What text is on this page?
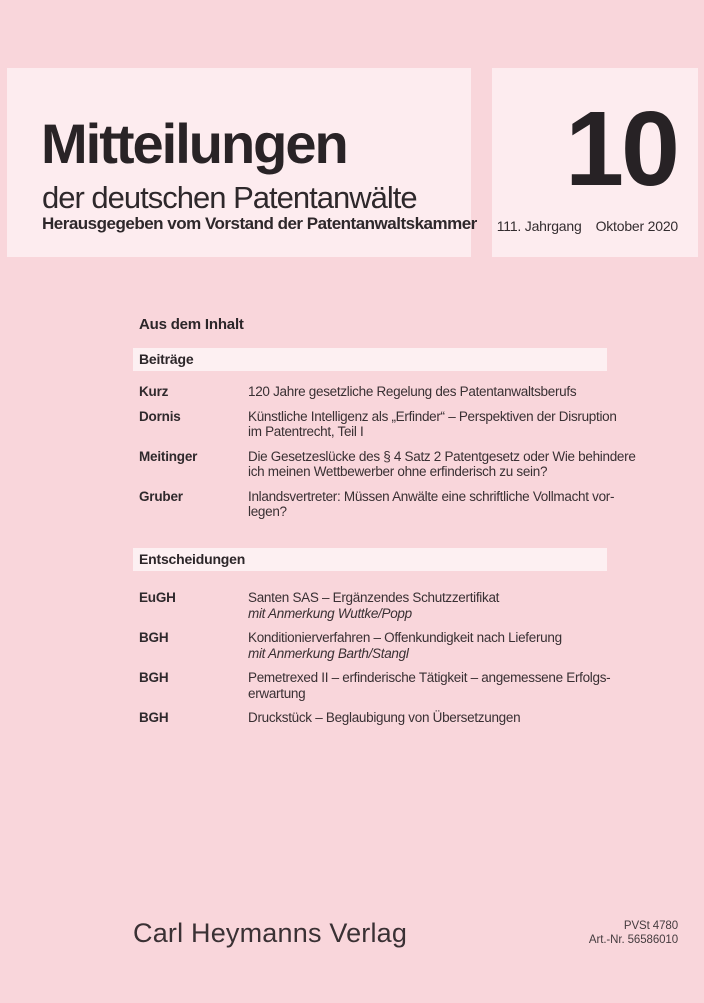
Mitteilungen
der deutschen Patentanwälte
Herausgegeben vom Vorstand der Patentanwaltskammer
10
111. Jahrgang Oktober 2020
Aus dem Inhalt
Beiträge
Kurz	120 Jahre gesetzliche Regelung des Patentanwaltsberufs
Dornis	Künstliche Intelligenz als „Erfinder“ – Perspektiven der Disruption
im Patentrecht, Teil I
Meitinger	Die Gesetzeslücke des § 4 Satz 2 Patentgesetz oder Wie behindere
ich meinen Wettbewerber ohne erfinderisch zu sein?
Gruber	Inlandsvertreter: Müssen Anwälte eine schriftliche Vollmacht vor-
legen?
Entscheidungen
EuGH	Santen SAS – Ergänzendes Schutzzertifikat
mit Anmerkung Wuttke/Popp
BGH	Konditionierverfahren – Offenkundigkeit nach Lieferung
mit Anmerkung Barth/Stangl
BGH	Pemetrexed II – erfinderische Tätigkeit – angemessene Erfolgs-
erwartung
BGH	Druckstück – Beglaubigung von Übersetzungen
Carl Heymanns Verlag	PVSt 4780
Art.-Nr. 56586010
